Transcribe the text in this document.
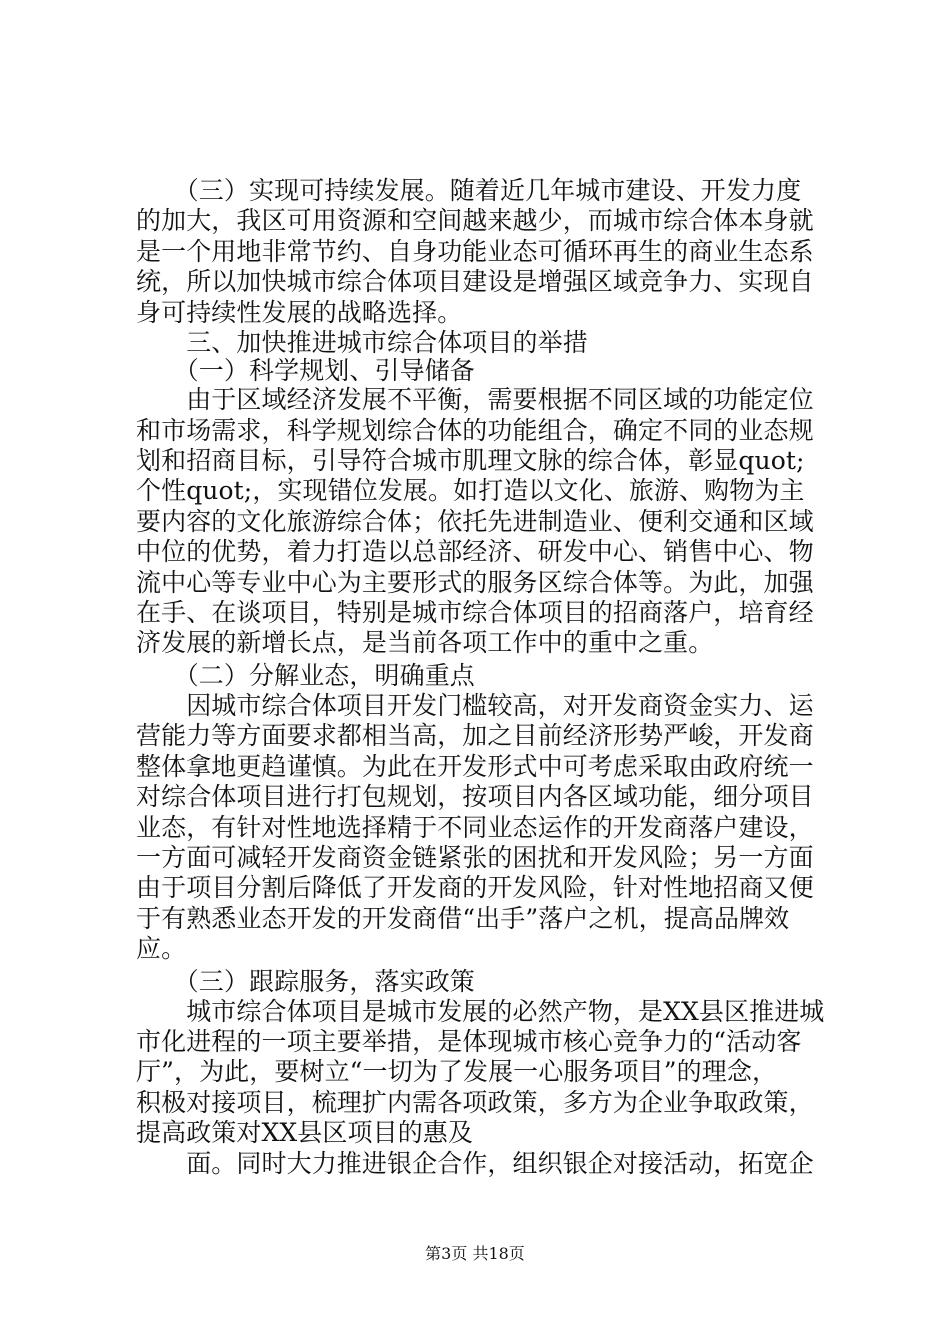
　　（三）实现可持续发展。随着近几年城市建设、开发力度
的加大，我区可用资源和空间越来越少，而城市综合体本身就
是一个用地非常节约、自身功能业态可循环再生的商业生态系
统，所以加快城市综合体项目建设是增强区域竞争力、实现自
身可持续性发展的战略选择。
　　三、加快推进城市综合体项目的举措
　　（一）科学规划、引导储备
　　由于区域经济发展不平衡，需要根据不同区域的功能定位
和市场需求，科学规划综合体的功能组合，确定不同的业态规
划和招商目标，引导符合城市肌理文脉的综合体，彰显quot;
个性quot;，实现错位发展。如打造以文化、旅游、购物为主
要内容的文化旅游综合体；依托先进制造业、便利交通和区域
中位的优势，着力打造以总部经济、研发中心、销售中心、物
流中心等专业中心为主要形式的服务区综合体等。为此，加强
在手、在谈项目，特别是城市综合体项目的招商落户，培育经
济发展的新增长点，是当前各项工作中的重中之重。
　　（二）分解业态，明确重点
　　因城市综合体项目开发门槛较高，对开发商资金实力、运
营能力等方面要求都相当高，加之目前经济形势严峻，开发商
整体拿地更趋谨慎。为此在开发形式中可考虑采取由政府统一
对综合体项目进行打包规划，按项目内各区域功能，细分项目
业态，有针对性地选择精于不同业态运作的开发商落户建设，
一方面可减轻开发商资金链紧张的困扰和开发风险；另一方面
由于项目分割后降低了开发商的开发风险，针对性地招商又便
于有熟悉业态开发的开发商借“出手”落户之机，提高品牌效
应。
　　（三）跟踪服务，落实政策
　　城市综合体项目是城市发展的必然产物，是XX县区推进城
市化进程的一项主要举措，是体现城市核心竞争力的“活动客
厅”，为此，要树立“一切为了发展一心服务项目”的理念，
积极对接项目，梳理扩内需各项政策，多方为企业争取政策，
提高政策对XX县区项目的惠及
　　面。同时大力推进银企合作，组织银企对接活动，拓宽企
第3页 共18页
